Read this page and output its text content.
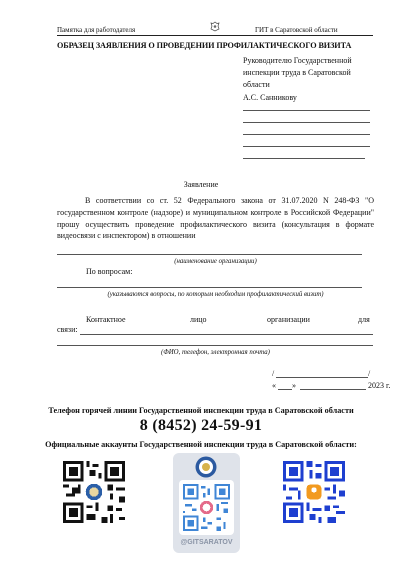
Памятка для работодателя	ГИТ в Саратовской области
ОБРАЗЕЦ ЗАЯВЛЕНИЯ О ПРОВЕДЕНИИ ПРОФИЛАКТИЧЕСКОГО ВИЗИТА
Руководителю Государственной
инспекции труда в Саратовской
области
А.С. Санникову
Заявление
В соответствии со ст. 52 Федерального закона от 31.07.2020 N 248-ФЗ "О государственном контроле (надзоре) и муниципальном контроле в Российской Федерации" прошу осуществить проведение профилактического визита (консультация в формате видеосвязи с инспектором) в отношении
(наименование организации)
По вопросам:
(указываются вопросы, по которым необходим профилактический визит)
Контактное	лицо	организации	для
связи:
(ФИО, телефон, электронная почта)
/	/
« »	2023 г.
Телефон горячей линии Государственной инспекции труда в Саратовской области
8 (8452) 24-59-91
Официальные аккаунты Государственной инспекции труда в Саратовской области:
@GITSARATOV
